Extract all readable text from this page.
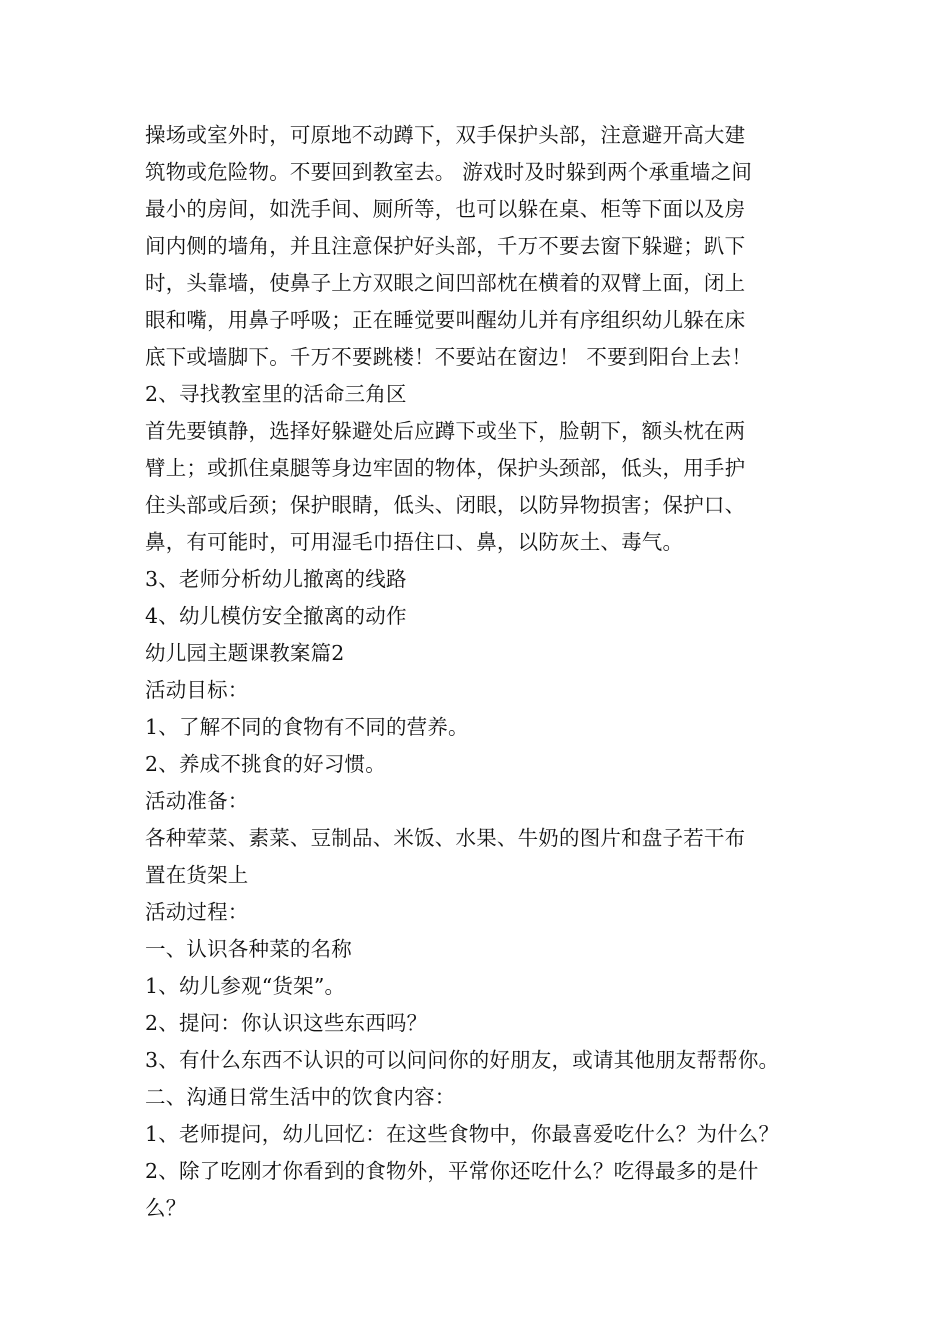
操场或室外时，可原地不动蹲下，双手保护头部，注意避开高大建
筑物或危险物。不要回到教室去。 游戏时及时躲到两个承重墙之间
最小的房间，如洗手间、厕所等，也可以躲在桌、柜等下面以及房
间内侧的墙角，并且注意保护好头部，千万不要去窗下躲避；趴下
时，头靠墙，使鼻子上方双眼之间凹部枕在横着的双臂上面，闭上
眼和嘴，用鼻子呼吸；正在睡觉要叫醒幼儿并有序组织幼儿躲在床
底下或墙脚下。千万不要跳楼！不要站在窗边！ 不要到阳台上去！
2、寻找教室里的活命三角区
首先要镇静，选择好躲避处后应蹲下或坐下，脸朝下，额头枕在两
臂上；或抓住桌腿等身边牢固的物体，保护头颈部，低头，用手护
住头部或后颈；保护眼睛，低头、闭眼，以防异物损害；保护口、
鼻，有可能时，可用湿毛巾捂住口、鼻，以防灰土、毒气。
3、老师分析幼儿撤离的线路
4、幼儿模仿安全撤离的动作
幼儿园主题课教案篇2
活动目标：
1、了解不同的食物有不同的营养。
2、养成不挑食的好习惯。
活动准备：
各种荤菜、素菜、豆制品、米饭、水果、牛奶的图片和盘子若干布
置在货架上
活动过程：
一、认识各种菜的名称
1、幼儿参观“货架”。
2、提问：你认识这些东西吗？
3、有什么东西不认识的可以问问你的好朋友，或请其他朋友帮帮你。
二、沟通日常生活中的饮食内容：
1、老师提问，幼儿回忆：在这些食物中，你最喜爱吃什么？为什么？
2、除了吃刚才你看到的食物外，平常你还吃什么？吃得最多的是什
么？
